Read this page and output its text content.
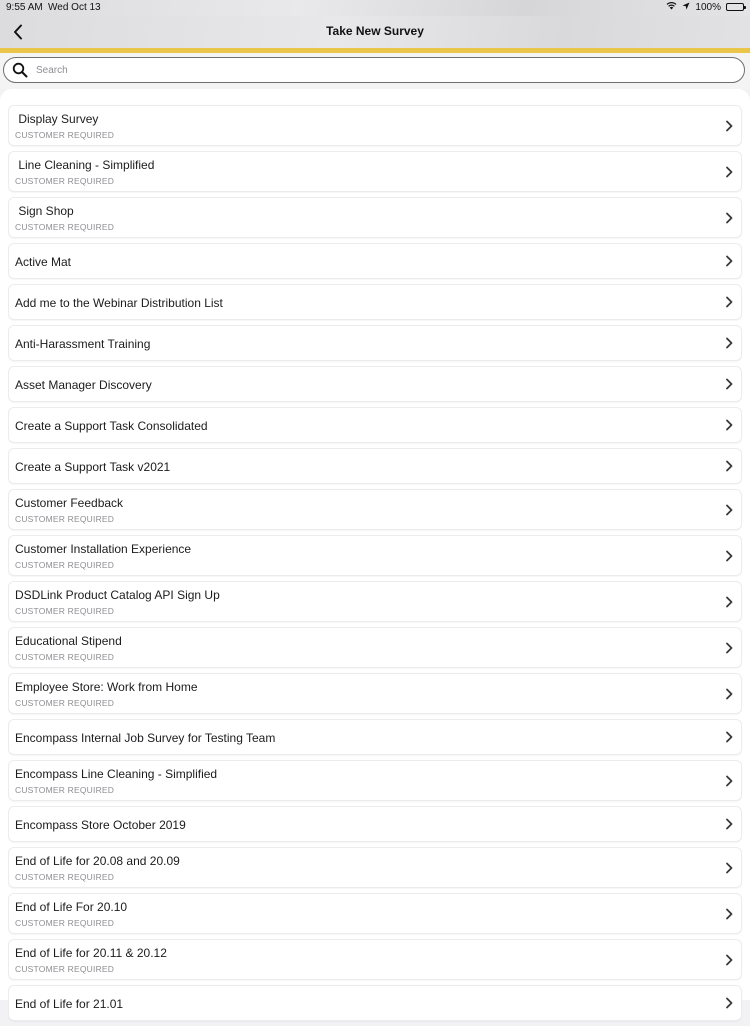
9:55 AM Wed Oct 13	100%
Take New Survey
Search
Display Survey
CUSTOMER REQUIRED
Line Cleaning - Simplified
CUSTOMER REQUIRED
Sign Shop
CUSTOMER REQUIRED
Active Mat
Add me to the Webinar Distribution List
Anti-Harassment Training
Asset Manager Discovery
Create a Support Task Consolidated
Create a Support Task v2021
Customer Feedback
CUSTOMER REQUIRED
Customer Installation Experience
CUSTOMER REQUIRED
DSDLink Product Catalog API Sign Up
CUSTOMER REQUIRED
Educational Stipend
CUSTOMER REQUIRED
Employee Store: Work from Home
CUSTOMER REQUIRED
Encompass Internal Job Survey for Testing Team
Encompass Line Cleaning - Simplified
CUSTOMER REQUIRED
Encompass Store October 2019
End of Life for 20.08 and 20.09
CUSTOMER REQUIRED
End of Life For 20.10
CUSTOMER REQUIRED
End of Life for 20.11 & 20.12
CUSTOMER REQUIRED
End of Life for 21.01
